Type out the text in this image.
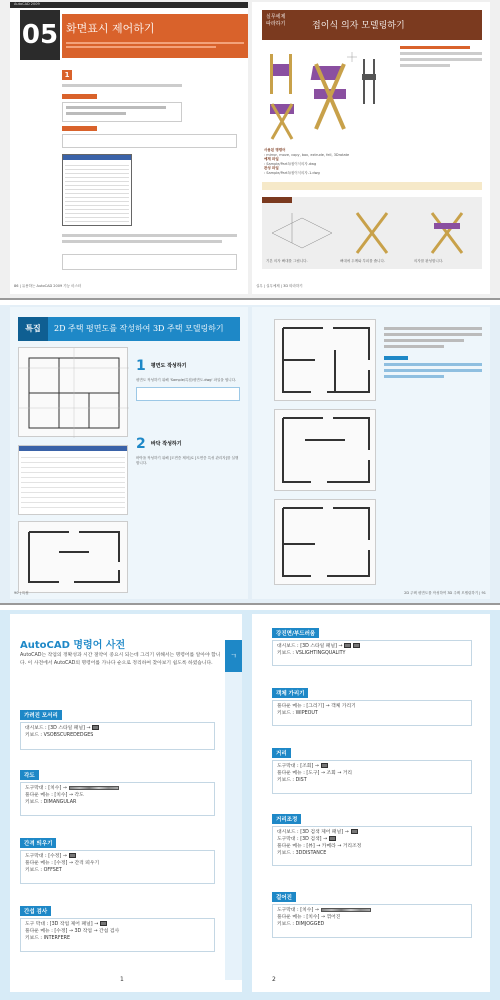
AutoCAD 2009
05 화면표시 제어하기
1
86 | 유용하는 AutoCAD 2009 기능 마스터
실무에제
따라하기	접이식 의자 모델링하기
사용된 명령어
: mirror, move, copy, box, extrude, fell, 3Drotate
예제 파일
: Sample/Part3/접이식의자.dwg
완성 파일
: Sample/Part3/접이식의자-1.dwg
기본 의자 뼈대를 그립니다.	뼈대에 두께와 부피를 줍니다.	의자를 완성합니다.
실무 | 실무예제 | 3D 따라하기
특집	2D 주택 평면도를 작성하여 3D 주택 모델링하기
1 평면도 작성하기
평면도 작성하기 위해 'Sample/특집/평면도.dwg' 파일을 엽니다.
2 바닥 작성하기
바닥을 작성하기 위해 [도면층 제어]로 [도면층 특성 관리자]를 실행합니다.
90 | 특집	2D 주택 평면도를 작성하여 3D 주택 모델링하기 | 91
AutoCAD 명령어 사전
AutoCAD는 작업의 정확성과 시간 절약이 중요시 되는데 그리기 위해서는 명령어를 알아야 합니다. 이 사전에서 AutoCAD의 명령어를 가나다 순으로 정리하여 찾아보기 쉽도록 하였습니다.
ㄱ
가려진 모서리
대시보드 : [3D 스타일 패널] →
키보드 : VSOBSCUREDEDGES
각도
도구막대 : [치수] →
풀다운 메뉴 : [치수] → 각도
키보드 : DIMANGULAR
간격 띄우기
도구막대 : [수정] →
풀다운 메뉴 : [수정] → 간격 띄우기
키보드 : OFFSET
간섭 검사
도구 막대 : [3D 작업 제어 패널] →
풀다운 메뉴 : [수정] → 3D 작업 → 간섭 검사
키보드 : INTERFERE
1
강진면/부드러움
대시보드 : [3D 스타일 패널] →
키보드 : VSLIGHTINGQUALITY
객체 가리기
풀다운 메뉴 : [그리기] → 객체 가리기
키보드 : WIPEOUT
거리
도구막대 : [조회] →
풀다운 메뉴 : [도구] → 조회 → 거리
키보드 : DIST
거리조정
대시보드 : [3D 검색 제어 패널] →
도구막대 : [3D 검색] →
풀다운 메뉴 : [뷰] → 카메라 → 거리조정
키보드 : 3DDISTANCE
걸어진
도구막대 : [치수] →
풀다운 메뉴 : [치수] → 꺾어진
키보드 : DIMJOGGED
2
